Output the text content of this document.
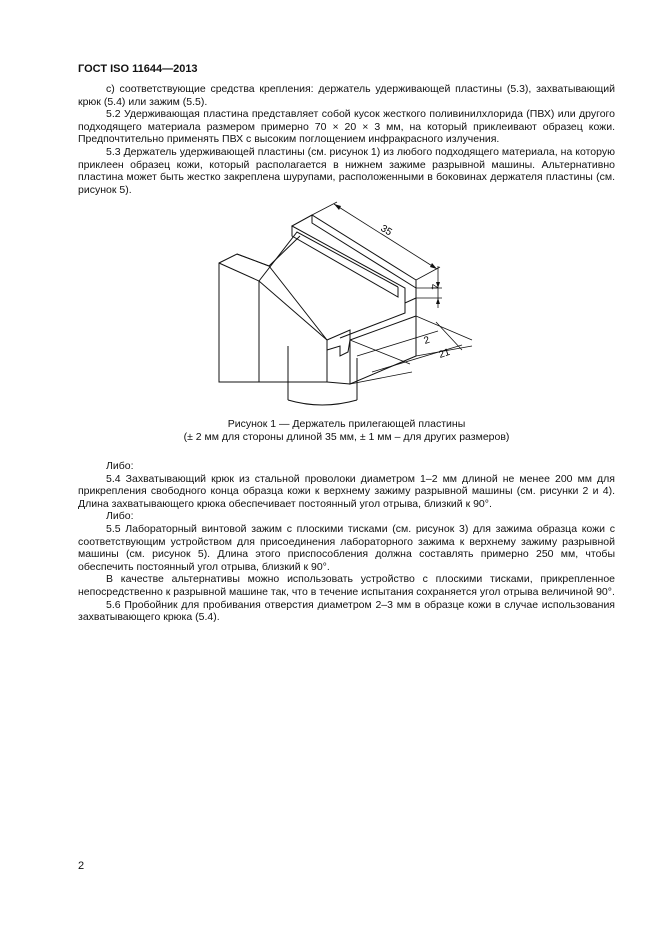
ГОСТ ISO 11644—2013

с) соответствующие средства крепления: держатель удерживающей пластины (5.3), захватывающий крюк (5.4) или зажим (5.5).

5.2 Удерживающая пластина представляет собой кусок жесткого поливинилхлорида (ПВХ) или другого подходящего материала размером примерно 70 × 20 × 3 мм, на который приклеивают образец кожи. Предпочтительно применять ПВХ с высоким поглощением инфракрасного излучения.

5.3 Держатель удерживающей пластины (см. рисунок 1) из любого подходящего материала, на которую приклеен образец кожи, который располагается в нижнем зажиме разрывной машины. Альтернативно пластина может быть жестко закреплена шурупами, расположенными в боковинах держателя пластины (см. рисунок 5).

35
4
2
21
Рисунок 1 — Держатель прилегающей пластины
(± 2 мм для стороны длиной 35 мм, ± 1 мм – для других размеров)

Либо:

5.4 Захватывающий крюк из стальной проволоки диаметром 1–2 мм длиной не менее 200 мм для прикрепления свободного конца образца кожи к верхнему зажиму разрывной машины (см. рисунки 2 и 4). Длина захватывающего крюка обеспечивает постоянный угол отрыва, близкий к 90°.

Либо:

5.5 Лабораторный винтовой зажим с плоскими тисками (см. рисунок 3) для зажима образца кожи с соответствующим устройством для присоединения лабораторного зажима к верхнему зажиму разрывной машины (см. рисунок 5). Длина этого приспособления должна составлять примерно 250 мм, чтобы обеспечить постоянный угол отрыва, близкий к 90°.

В качестве альтернативы можно использовать устройство с плоскими тисками, прикрепленное непосредственно к разрывной машине так, что в течение испытания сохраняется угол отрыва величиной 90°.

5.6 Пробойник для пробивания отверстия диаметром 2–3 мм в образце кожи в случае использования захватывающего крюка (5.4).

2
